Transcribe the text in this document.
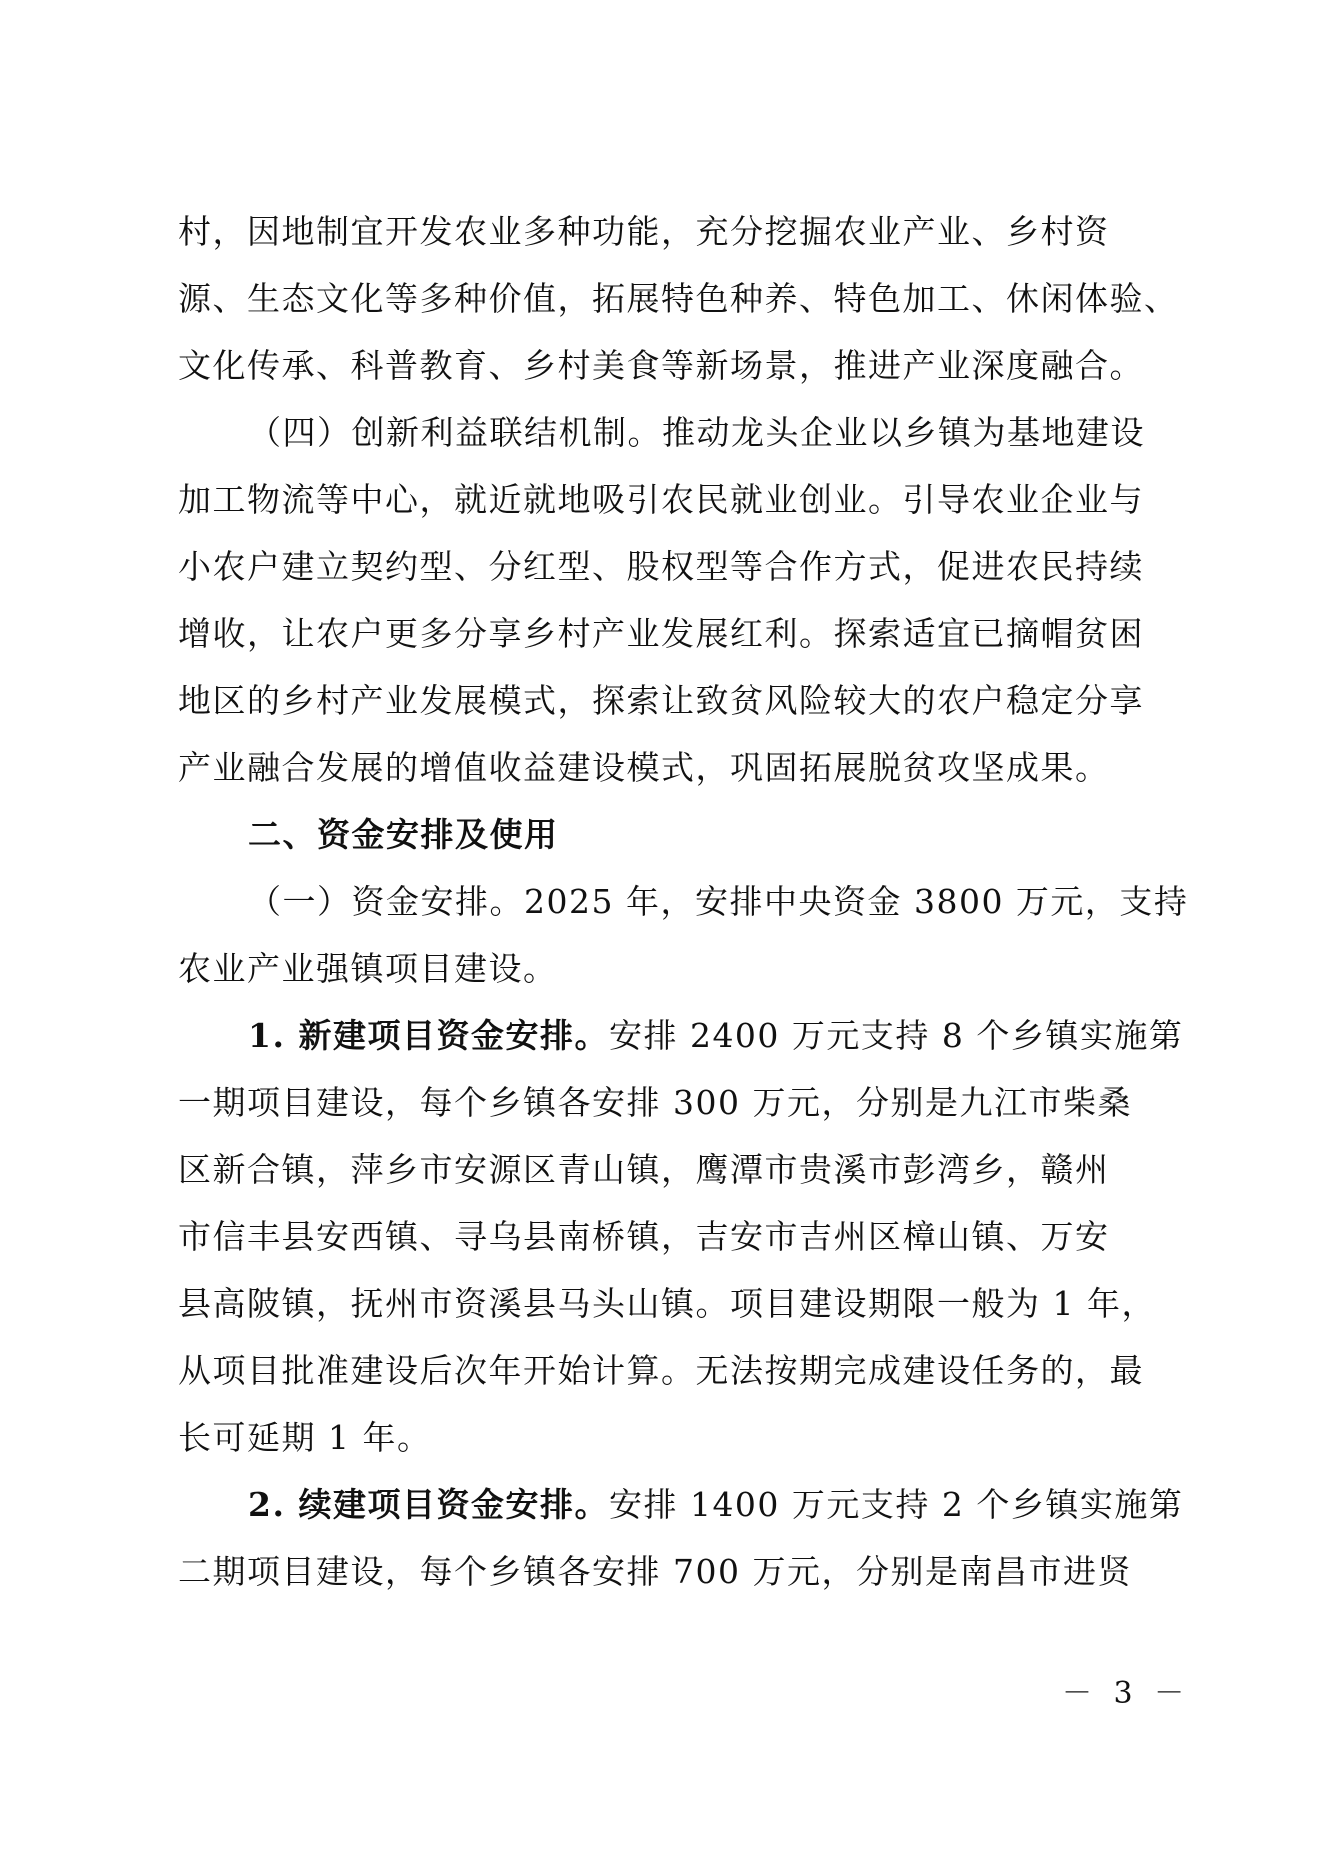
村，因地制宜开发农业多种功能，充分挖掘农业产业、乡村资
源、生态文化等多种价值，拓展特色种养、特色加工、休闲体验、
文化传承、科普教育、乡村美食等新场景，推进产业深度融合。
（四）创新利益联结机制。推动龙头企业以乡镇为基地建设
加工物流等中心，就近就地吸引农民就业创业。引导农业企业与
小农户建立契约型、分红型、股权型等合作方式，促进农民持续
增收，让农户更多分享乡村产业发展红利。探索适宜已摘帽贫困
地区的乡村产业发展模式，探索让致贫风险较大的农户稳定分享
产业融合发展的增值收益建设模式，巩固拓展脱贫攻坚成果。
二、资金安排及使用
（一）资金安排。2025 年，安排中央资金 3800 万元，支持
农业产业强镇项目建设。
1. 新建项目资金安排。安排 2400 万元支持 8 个乡镇实施第
一期项目建设，每个乡镇各安排 300 万元，分别是九江市柴桑
区新合镇，萍乡市安源区青山镇，鹰潭市贵溪市彭湾乡，赣州
市信丰县安西镇、寻乌县南桥镇，吉安市吉州区樟山镇、万安
县高陂镇，抚州市资溪县马头山镇。项目建设期限一般为 1 年，
从项目批准建设后次年开始计算。无法按期完成建设任务的，最
长可延期 1 年。
2. 续建项目资金安排。安排 1400 万元支持 2 个乡镇实施第
二期项目建设，每个乡镇各安排 700 万元，分别是南昌市进贤
－ 3 －
